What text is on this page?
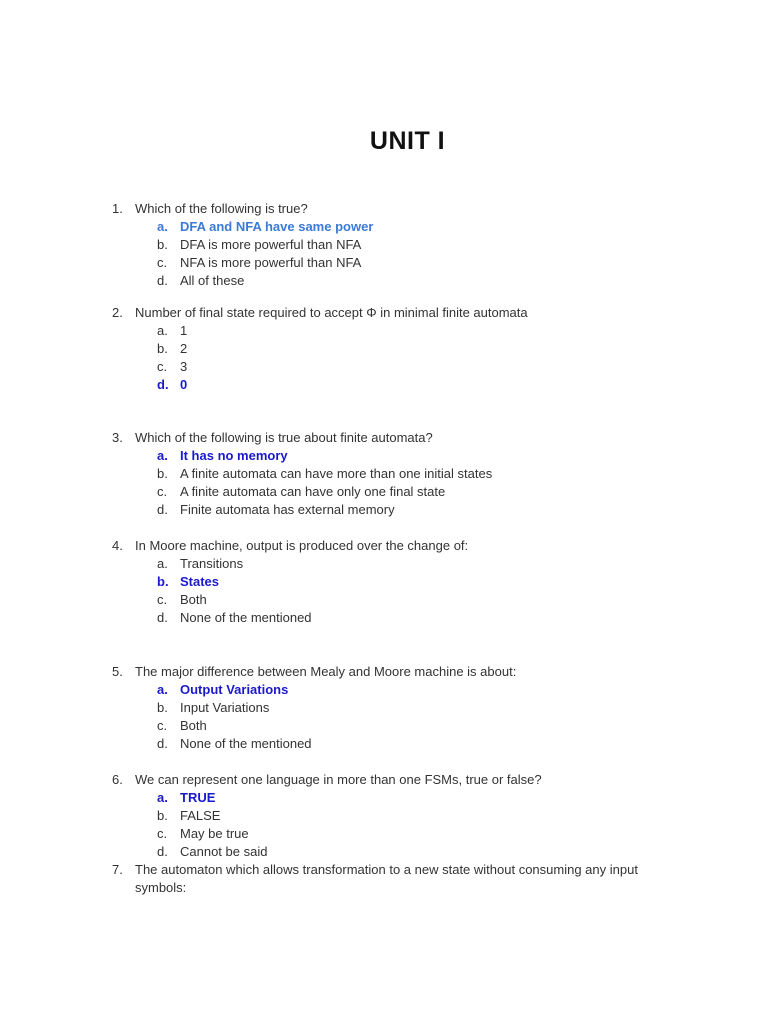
UNIT I
1. Which of the following is true?
a. DFA and NFA have same power
b. DFA is more powerful than NFA
c. NFA is more powerful than NFA
d. All of these
2. Number of final state required to accept Φ in minimal finite automata
a. 1
b. 2
c. 3
d. 0
3. Which of the following is true about finite automata?
a. It has no memory
b. A finite automata can have more than one initial states
c. A finite automata can have only one final state
d. Finite automata has external memory
4. In Moore machine, output is produced over the change of:
a. Transitions
b. States
c. Both
d. None of the mentioned
5. The major difference between Mealy and Moore machine is about:
a. Output Variations
b. Input Variations
c. Both
d. None of the mentioned
6. We can represent one language in more than one FSMs, true or false?
a. TRUE
b. FALSE
c. May be true
d. Cannot be said
7. The automaton which allows transformation to a new state without consuming any input symbols:
